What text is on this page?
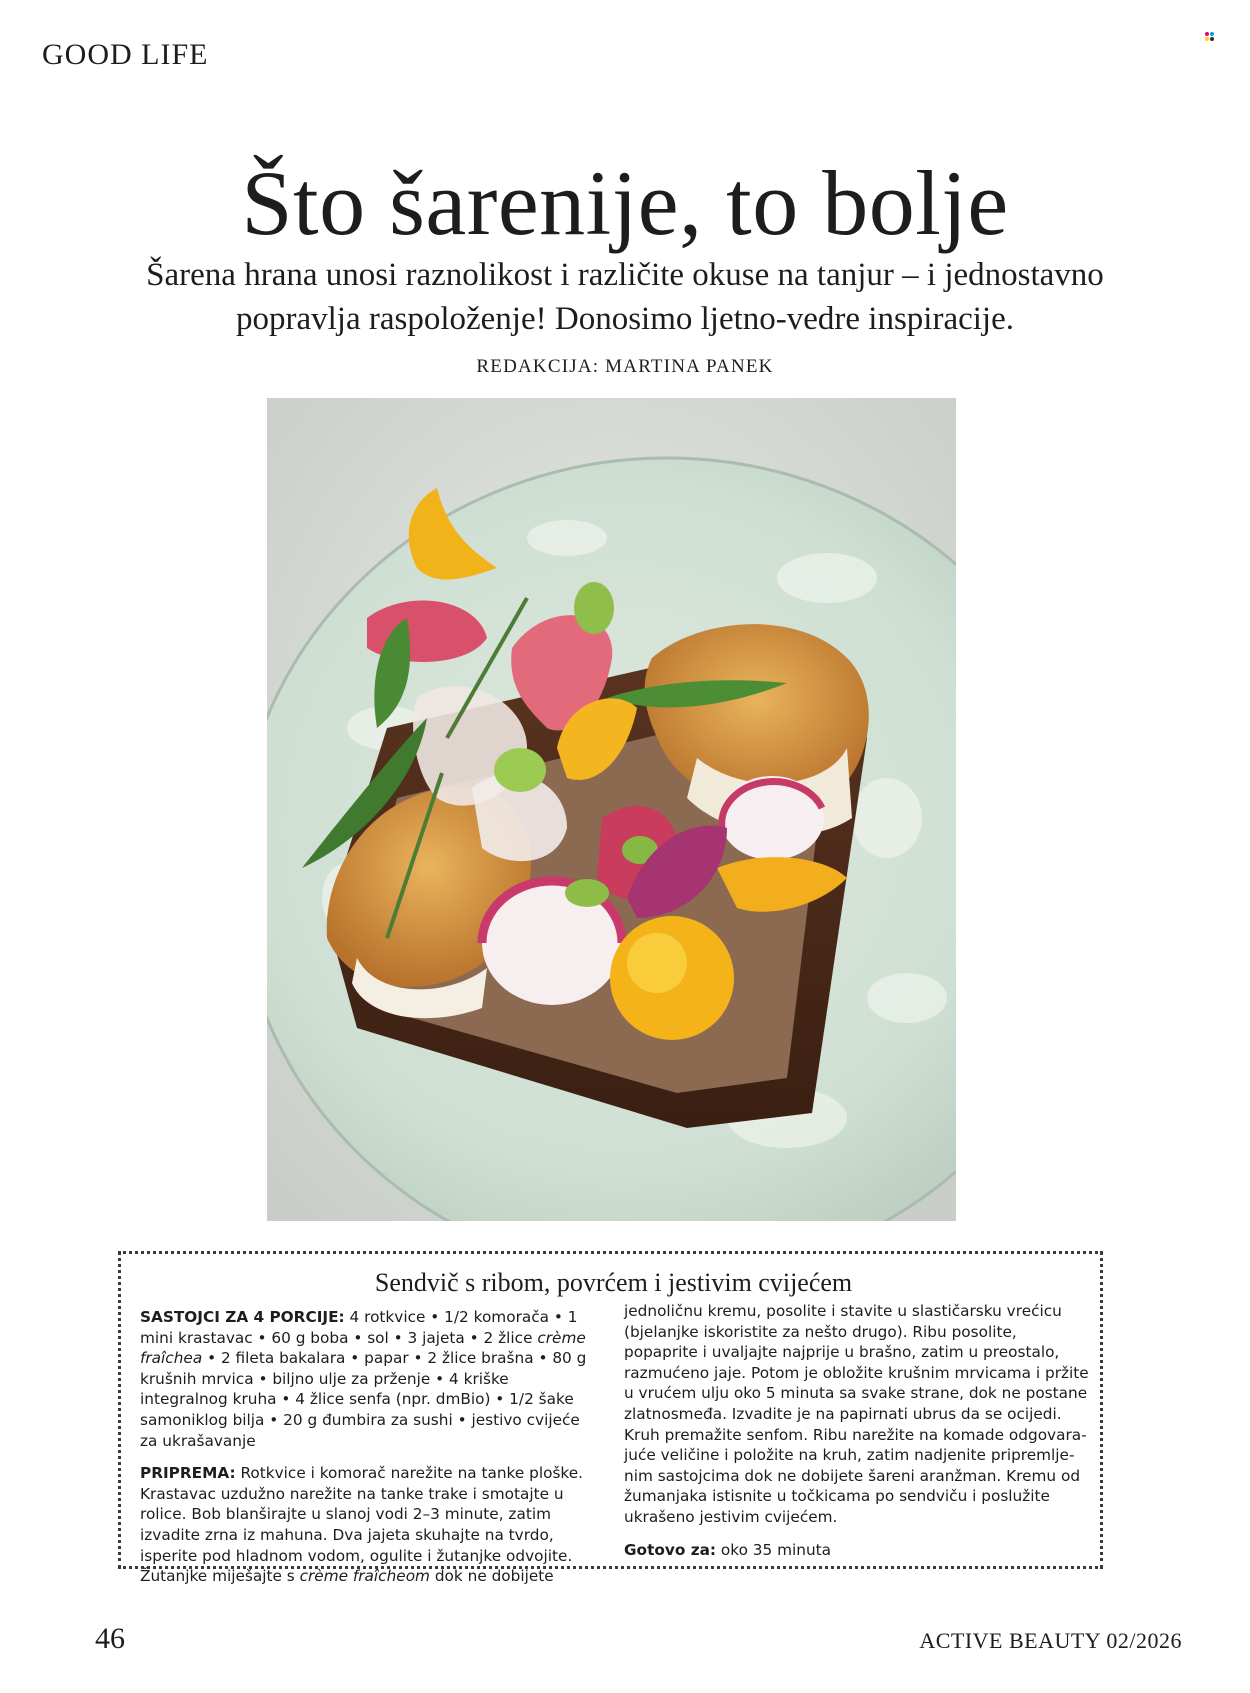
GOOD LIFE
Što šarenije, to bolje

Šarena hrana unosi raznolikost i različite okuse na tanjur – i jednostavno popravlja raspoloženje! Donosimo ljetno-vedre inspiracije.

REDAKCIJA: MARTINA PANEK
Sendvič s ribom, povrćem i jestivim cvijećem

SASTOJCI ZA 4 PORCIJE: 4 rotkvice • 1/2 komorača • 1 mini krastavac • 60 g boba • sol • 3 jajeta • 2 žlice crème fraîchea • 2 fileta bakalara • papar • 2 žlice brašna • 80 g krušnih mrvica • biljno ulje za prženje • 4 kriške integralnog kruha • 4 žlice senfa (npr. dmBio) • 1/2 šake samoniklog bilja • 20 g đumbira za sushi • jestivo cvijeće za ukrašavanje

PRIPREMA: Rotkvice i komorač narežite na tanke ploške. Krastavac uzdužno narežite na tanke trake i smotajte u rolice. Bob blanširajte u slanoj vodi 2–3 minute, zatim izvadite zrna iz mahuna. Dva jajeta skuhajte na tvrdo, isperite pod hladnom vodom, ogulite i žutanjke odvojite. Žutanjke miješajte s crème fraîcheom dok ne dobijete

jednoličnu kremu, posolite i stavite u slastičarsku vrećicu (bjelanjke iskoristite za nešto drugo). Ribu posolite, popaprite i uvaljajte najprije u brašno, zatim u preostalo, razmućeno jaje. Potom je obložite krušnim mrvicama i pržite u vrućem ulju oko 5 minuta sa svake strane, dok ne postane zlatnosmeđa. Izvadite je na papirnati ubrus da se ocijedi. Kruh premažite senfom. Ribu narežite na komade odgovara-juće veličine i položite na kruh, zatim nadjenite pripremlje-nim sastojcima dok ne dobijete šareni aranžman. Kremu od žumanjaka istisnite u točkicama po sendviču i poslužite ukrašeno jestivim cvijećem.

Gotovo za: oko 35 minuta

46	ACTIVE BEAUTY 02/2026
